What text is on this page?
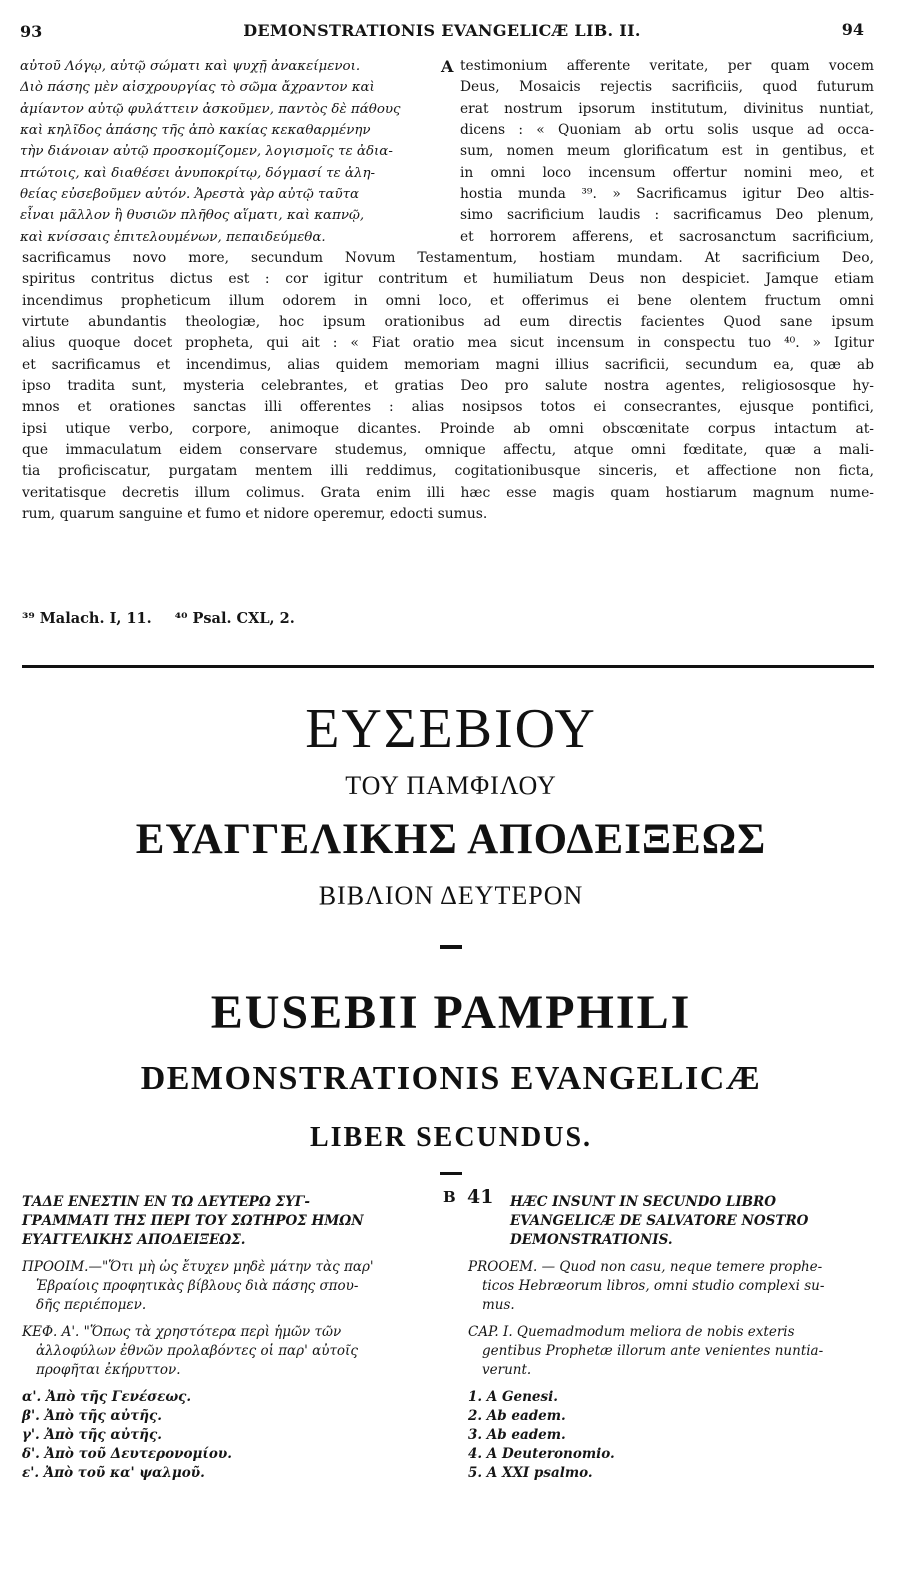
93	DEMONSTRATIONIS EVANGELICÆ LIB. II.	94
αὐτοῦ Λόγῳ, αὐτῷ σώματι καὶ ψυχῇ ἀνακείμενοι.
Διὸ πάσης μὲν αἰσχρουργίας τὸ σῶμα ἄχραντον καὶ
ἀμίαντον αὐτῷ φυλάττειν ἀσκοῦμεν, παντὸς δὲ πάθους
καὶ κηλῖδος ἁπάσης τῆς ἀπὸ κακίας κεκαθαρμένην
τὴν διάνοιαν αὐτῷ προσκομίζομεν, λογισμοῖς τε ἀδια-
πτώτοις, καὶ διαθέσει ἀνυποκρίτῳ, δόγμασί τε ἀλη-
θείας εὐσεβοῦμεν αὐτόν. Ἀρεστὰ γὰρ αὐτῷ ταῦτα
εἶναι μᾶλλον ἢ θυσιῶν πλῆθος αἵματι, καὶ καπνῷ,
καὶ κνίσσαις ἐπιτελουμένων, πεπαιδεύμεθα.
A testimonium afferente veritate, per quam vocem
Deus, Mosaicis rejectis sacrificiis, quod futurum
erat nostrum ipsorum institutum, divinitus nuntiat,
dicens : « Quoniam ab ortu solis usque ad occa-
sum, nomen meum glorificatum est in gentibus, et
in omni loco incensum offertur nomini meo, et
hostia munda ³⁹. » Sacrificamus igitur Deo altis-
simo sacrificium laudis : sacrificamus Deo plenum,
et horrorem afferens, et sacrosanctum sacrificium,
sacrificamus novo more, secundum Novum Testamentum, hostiam mundam. At sacrificium Deo,
spiritus contritus dictus est : cor igitur contritum et humiliatum Deus non despiciet. Jamque etiam
incendimus propheticum illum odorem in omni loco, et offerimus ei bene olentem fructum omni
virtute abundantis theologiæ, hoc ipsum orationibus ad eum directis facientes Quod sane ipsum
alius quoque docet propheta, qui ait : « Fiat oratio mea sicut incensum in conspectu tuo ⁴⁰. » Igitur
et sacrificamus et incendimus, alias quidem memoriam magni illius sacrificii, secundum ea, quæ ab
ipso tradita sunt, mysteria celebrantes, et gratias Deo pro salute nostra agentes, religiososque hy-
mnos et orationes sanctas illi offerentes : alias nosipsos totos ei consecrantes, ejusque pontifici,
ipsi utique verbo, corpore, animoque dicantes. Proinde ab omni obscœnitate corpus intactum at-
que immaculatum eidem conservare studemus, omnique affectu, atque omni fœditate, quæ a mali-
tia proficiscatur, purgatam mentem illi reddimus, cogitationibusque sinceris, et affectione non ficta,
veritatisque decretis illum colimus. Grata enim illi hæc esse magis quam hostiarum magnum nume-
rum, quarum sanguine et fumo et nidore operemur, edocti sumus.
³⁹ Malach. I, 11. ⁴⁰ Psal. CXL, 2.
ΕΥΣΕΒΙΟΥ
ΤΟΥ ΠΑΜΦΙΛΟΥ
ΕΥΑΓΓΕΛΙΚΗΣ ΑΠΟΔΕΙΞΕΩΣ
ΒΙΒΛΙΟΝ ΔΕΥΤΕΡΟΝ
EUSEBII PAMPHILI
DEMONSTRATIONIS EVANGELICÆ
LIBER SECUNDUS.
ΤΑΔΕ ΕΝΕΣΤΙΝ ΕΝ ΤΩ ΔΕΥΤΕΡΩ ΣΥΓ-
ΓΡΑΜΜΑΤΙ ΤΗΣ ΠΕΡΙ ΤΟΥ ΣΩΤΗΡΟΣ ΗΜΩΝ
ΕΥΑΓΓΕΛΙΚΗΣ ΑΠΟΔΕΙΞΕΩΣ.
ΠΡΟΟΙΜ.—"Ὅτι μὴ ὡς ἔτυχεν μηδὲ μάτην τὰς παρ'
Ἑβραίοις προφητικὰς βίβλους διὰ πάσης σπου-
δῆς περιέπομεν.
ΚΕΦ. Α'. "Ὅπως τὰ χρηστότερα περὶ ἡμῶν τῶν
ἀλλοφύλων ἐθνῶν προλαβόντες οἱ παρ' αὐτοῖς
προφῆται ἐκήρυττον.
α'. Ἀπὸ τῆς Γενέσεως.
β'. Ἀπὸ τῆς αὐτῆς.
γ'. Ἀπὸ τῆς αὐτῆς.
δ'. Ἀπὸ τοῦ Δευτερονομίου.
ε'. Ἀπὸ τοῦ κα' ψαλμοῦ.
B 41	HÆC INSUNT IN SECUNDO LIBRO
EVANGELICÆ DE SALVATORE NOSTRO
DEMONSTRATIONIS.
PROOEM. — Quod non casu, neque temere prophe-
ticos Hebræorum libros, omni studio complexi su-
mus.
CAP. I. Quemadmodum meliora de nobis exteris
gentibus Prophetæ illorum ante venientes nuntia-
verunt.
1. A Genesi.
2. Ab eadem.
3. Ab eadem.
4. A Deuteronomio.
5. A XXI psalmo.
